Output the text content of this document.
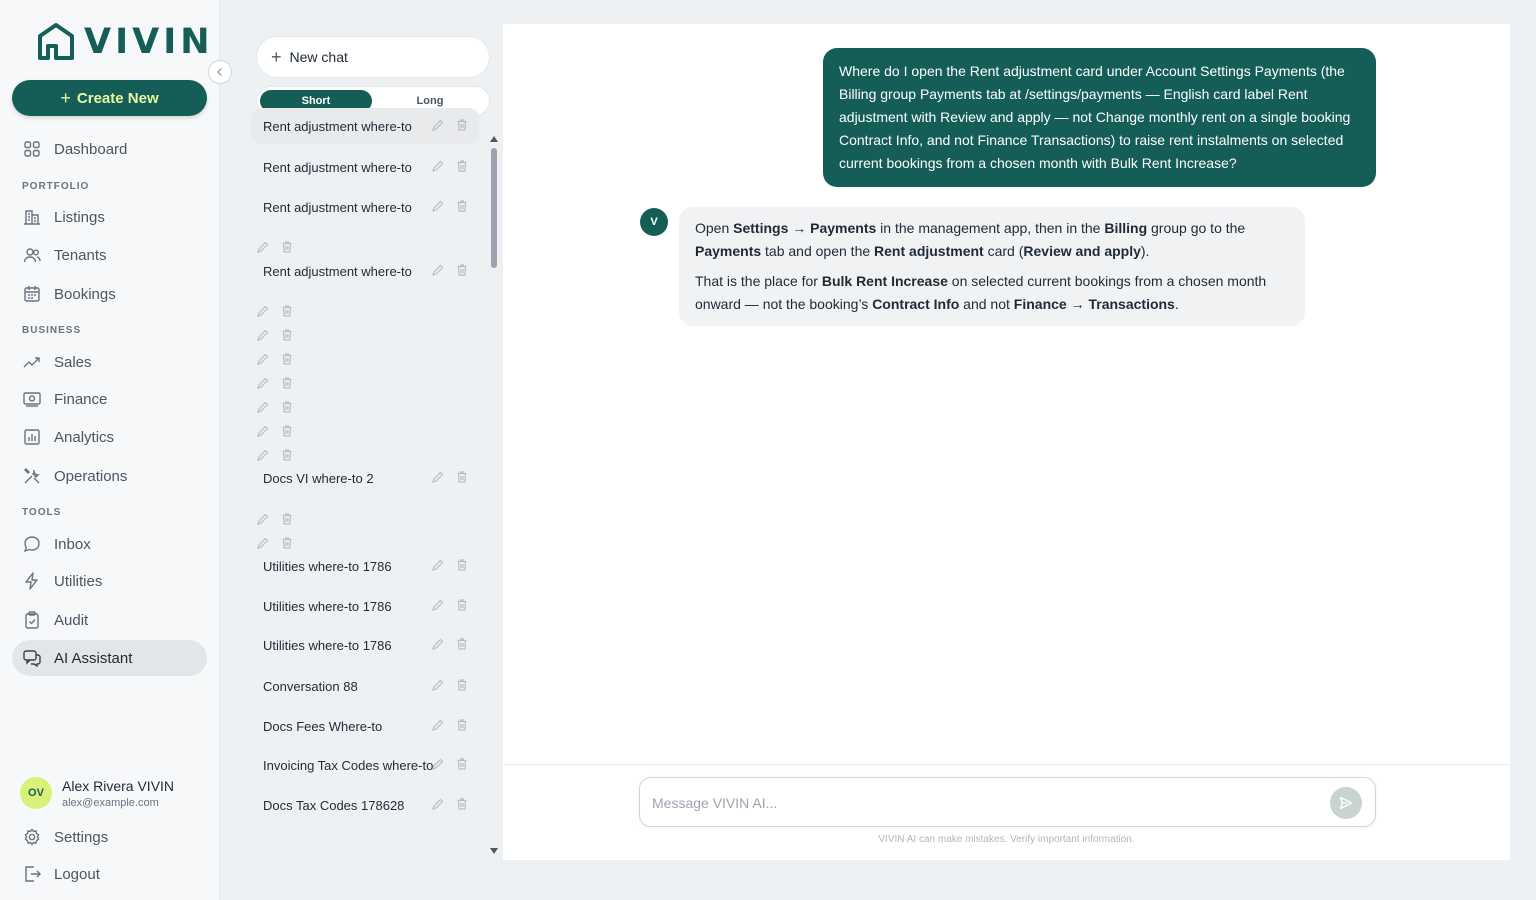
VIVIN
+ Create New
Dashboard
PORTFOLIO
Listings
Tenants
Bookings
BUSINESS
Sales
Finance
Analytics
Operations
TOOLS
Inbox
Utilities
Audit
AI Assistant
OV	Alex Rivera VIVIN
alex@example.com
Settings
Logout
+ New chat
Short	Long
Rent adjustment where-to
Rent adjustment where-to
Rent adjustment where-to
Rent adjustment where-to
Docs VI where-to 2
Utilities where-to 1786
Utilities where-to 1786
Utilities where-to 1786
Conversation 88
Docs Fees Where-to
Invoicing Tax Codes where-to
Docs Tax Codes 178628
Where do I open the Rent adjustment card under Account Settings Payments (the Billing group Payments tab at /settings/payments — English card label Rent adjustment with Review and apply — not Change monthly rent on a single booking Contract Info, and not Finance Transactions) to raise rent instalments on selected current bookings from a chosen month with Bulk Rent Increase?
V	Open Settings → Payments in the management app, then in the Billing group go to the Payments tab and open the Rent adjustment card (Review and apply).

That is the place for Bulk Rent Increase on selected current bookings from a chosen month onward — not the booking’s Contract Info and not Finance → Transactions.

Message VIVIN AI...
VIVIN AI can make mistakes. Verify important information.
